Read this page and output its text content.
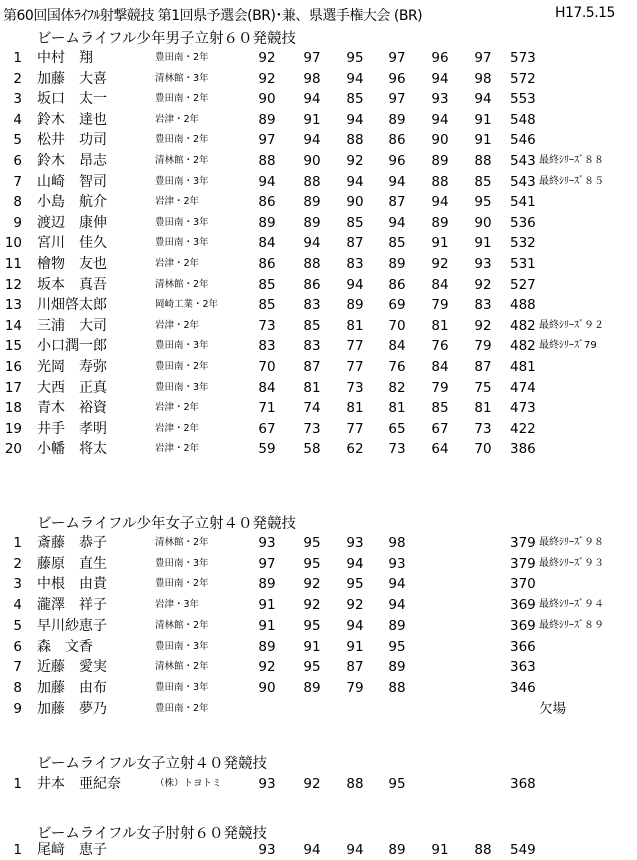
第60回国体ﾗｲﾌﾙ射撃競技 第1回県予選会(BR)･兼、県選手権大会 (BR)	H17.5.15
ビームライフル少年男子立射６０発競技
1 中村　翔	豊田南・2年	92	97	95	97	96	97	573
2 加藤　大喜	清林館・3年	92	98	94	96	94	98	572
3 坂口　太一	豊田南・2年	90	94	85	97	93	94	553
4 鈴木　達也	岩津・2年	89	91	94	89	94	91	548
5 松井　功司	豊田南・2年	97	94	88	86	90	91	546
6 鈴木　昂志	清林館・2年	88	90	92	96	89	88	543 最終ｼﾘｰｽﾞ８８
7 山崎　智司	豊田南・3年	94	88	94	94	88	85	543 最終ｼﾘｰｽﾞ８５
8 小島　航介	岩津・2年	86	89	90	87	94	95	541
9 渡辺　康伸	豊田南・3年	89	89	85	94	89	90	536
10 宮川　佳久	豊田南・3年	84	94	87	85	91	91	532
11 檜物　友也	岩津・2年	86	88	83	89	92	93	531
12 坂本　真吾	清林館・2年	85	86	94	86	84	92	527
13 川畑啓太郎	岡崎工業・2年	85	83	89	69	79	83	488
14 三浦　大司	岩津・2年	73	85	81	70	81	92	482 最終ｼﾘｰｽﾞ９２
15 小口潤一郎	豊田南・3年	83	83	77	84	76	79	482 最終ｼﾘｰｽﾞ79
16 光岡　寿弥	豊田南・2年	70	87	77	76	84	87	481
17 大西　正真	豊田南・3年	84	81	73	82	79	75	474
18 青木　裕資	岩津・2年	71	74	81	81	85	81	473
19 井手　孝明	岩津・2年	67	73	77	65	67	73	422
20 小幡　将太	岩津・2年	59	58	62	73	64	70	386
ビームライフル少年女子立射４０発競技
1 斎藤　恭子	清林館・2年	93	95	93	98	379 最終ｼﾘｰｽﾞ９８
2 藤原　直生	豊田南・3年	97	95	94	93	379 最終ｼﾘｰｽﾞ９３
3 中根　由貴	豊田南・2年	89	92	95	94	370
4 瀧澤　祥子	岩津・3年	91	92	92	94	369 最終ｼﾘｰｽﾞ９４
5 早川紗恵子	清林館・2年	91	95	94	89	369 最終ｼﾘｰｽﾞ８９
6 森　文香	豊田南・3年	89	91	91	95	366
7 近藤　愛実	清林館・2年	92	95	87	89	363
8 加藤　由布	豊田南・3年	90	89	79	88	346
9 加藤　夢乃	豊田南・2年	欠場
ビームライフル女子立射４０発競技
1 井本　亜紀奈	（株）トヨトミ	93	92	88	95	368
ビームライフル女子肘射６０発競技
1 尾﨑　恵子	93	94	94	89	91	88	549
